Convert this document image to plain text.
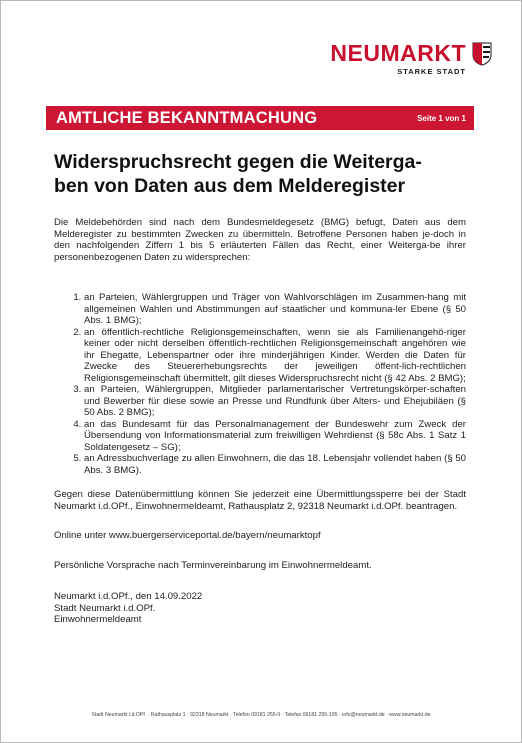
NEUMARKT
STARKE STADT
AMTLICHE BEKANNTMACHUNG	Seite 1 von 1
Widerspruchsrecht gegen die Weiterga-
ben von Daten aus dem Melderegister

Die Meldebehörden sind nach dem Bundesmeldegesetz (BMG) befugt, Daten aus dem Melderegister zu bestimmten Zwecken zu übermitteln. Betroffene Personen haben je-doch in den nachfolgenden Ziffern 1 bis 5 erläuterten Fällen das Recht, einer Weiterga-be ihrer personenbezogenen Daten zu widersprechen:

1. an Parteien, Wählergruppen und Träger von Wahlvorschlägen im Zusammen-hang mit allgemeinen Wahlen und Abstimmungen auf staatlicher und kommuna-ler Ebene (§ 50 Abs. 1 BMG);
2. an öffentlich-rechtliche Religionsgemeinschaften, wenn sie als Familienangehö-riger keiner oder nicht derselben öffentlich-rechtlichen Religionsgemeinschaft angehören wie ihr Ehegatte, Lebenspartner oder ihre minderjährigen Kinder. Werden die Daten für Zwecke des Steuererhebungsrechts der jeweiligen öffent-lich-rechtlichen Religionsgemeinschaft übermittelt, gilt dieses Widerspruchsrecht nicht (§ 42 Abs. 2 BMG);
3. an Parteien, Wählergruppen, Mitglieder parlamentarischer Vertretungskörper-schaften und Bewerber für diese sowie an Presse und Rundfunk über Alters- und Ehejubiläen (§ 50 Abs. 2 BMG);
4. an das Bundesamt für das Personalmanagement der Bundeswehr zum Zweck der Übersendung von Informationsmaterial zum freiwilligen Wehrdienst (§ 58c Abs. 1 Satz 1 Soldatengesetz – SG);
5. an Adressbuchverlage zu allen Einwohnern, die das 18. Lebensjahr vollendet haben (§ 50 Abs. 3 BMG).

Gegen diese Datenübermittlung können Sie jederzeit eine Übermittlungssperre bei der Stadt Neumarkt i.d.OPf., Einwohnermeldeamt, Rathausplatz 2, 92318 Neumarkt i.d.OPf. beantragen.

Online unter www.buergerserviceportal.de/bayern/neumarktopf

Persönliche Vorsprache nach Terminvereinbarung im Einwohnermeldeamt.

Neumarkt i.d.OPf., den 14.09.2022

Stadt Neumarkt i.d.OPf.

Einwohnermeldeamt

Stadt Neumarkt i.d.OPf. · Rathausplatz 1 · 92318 Neumarkt · Telefon 09181 255-0 · Telefax 09181 255-195 · info@neumarkt.de · www.neumarkt.de
